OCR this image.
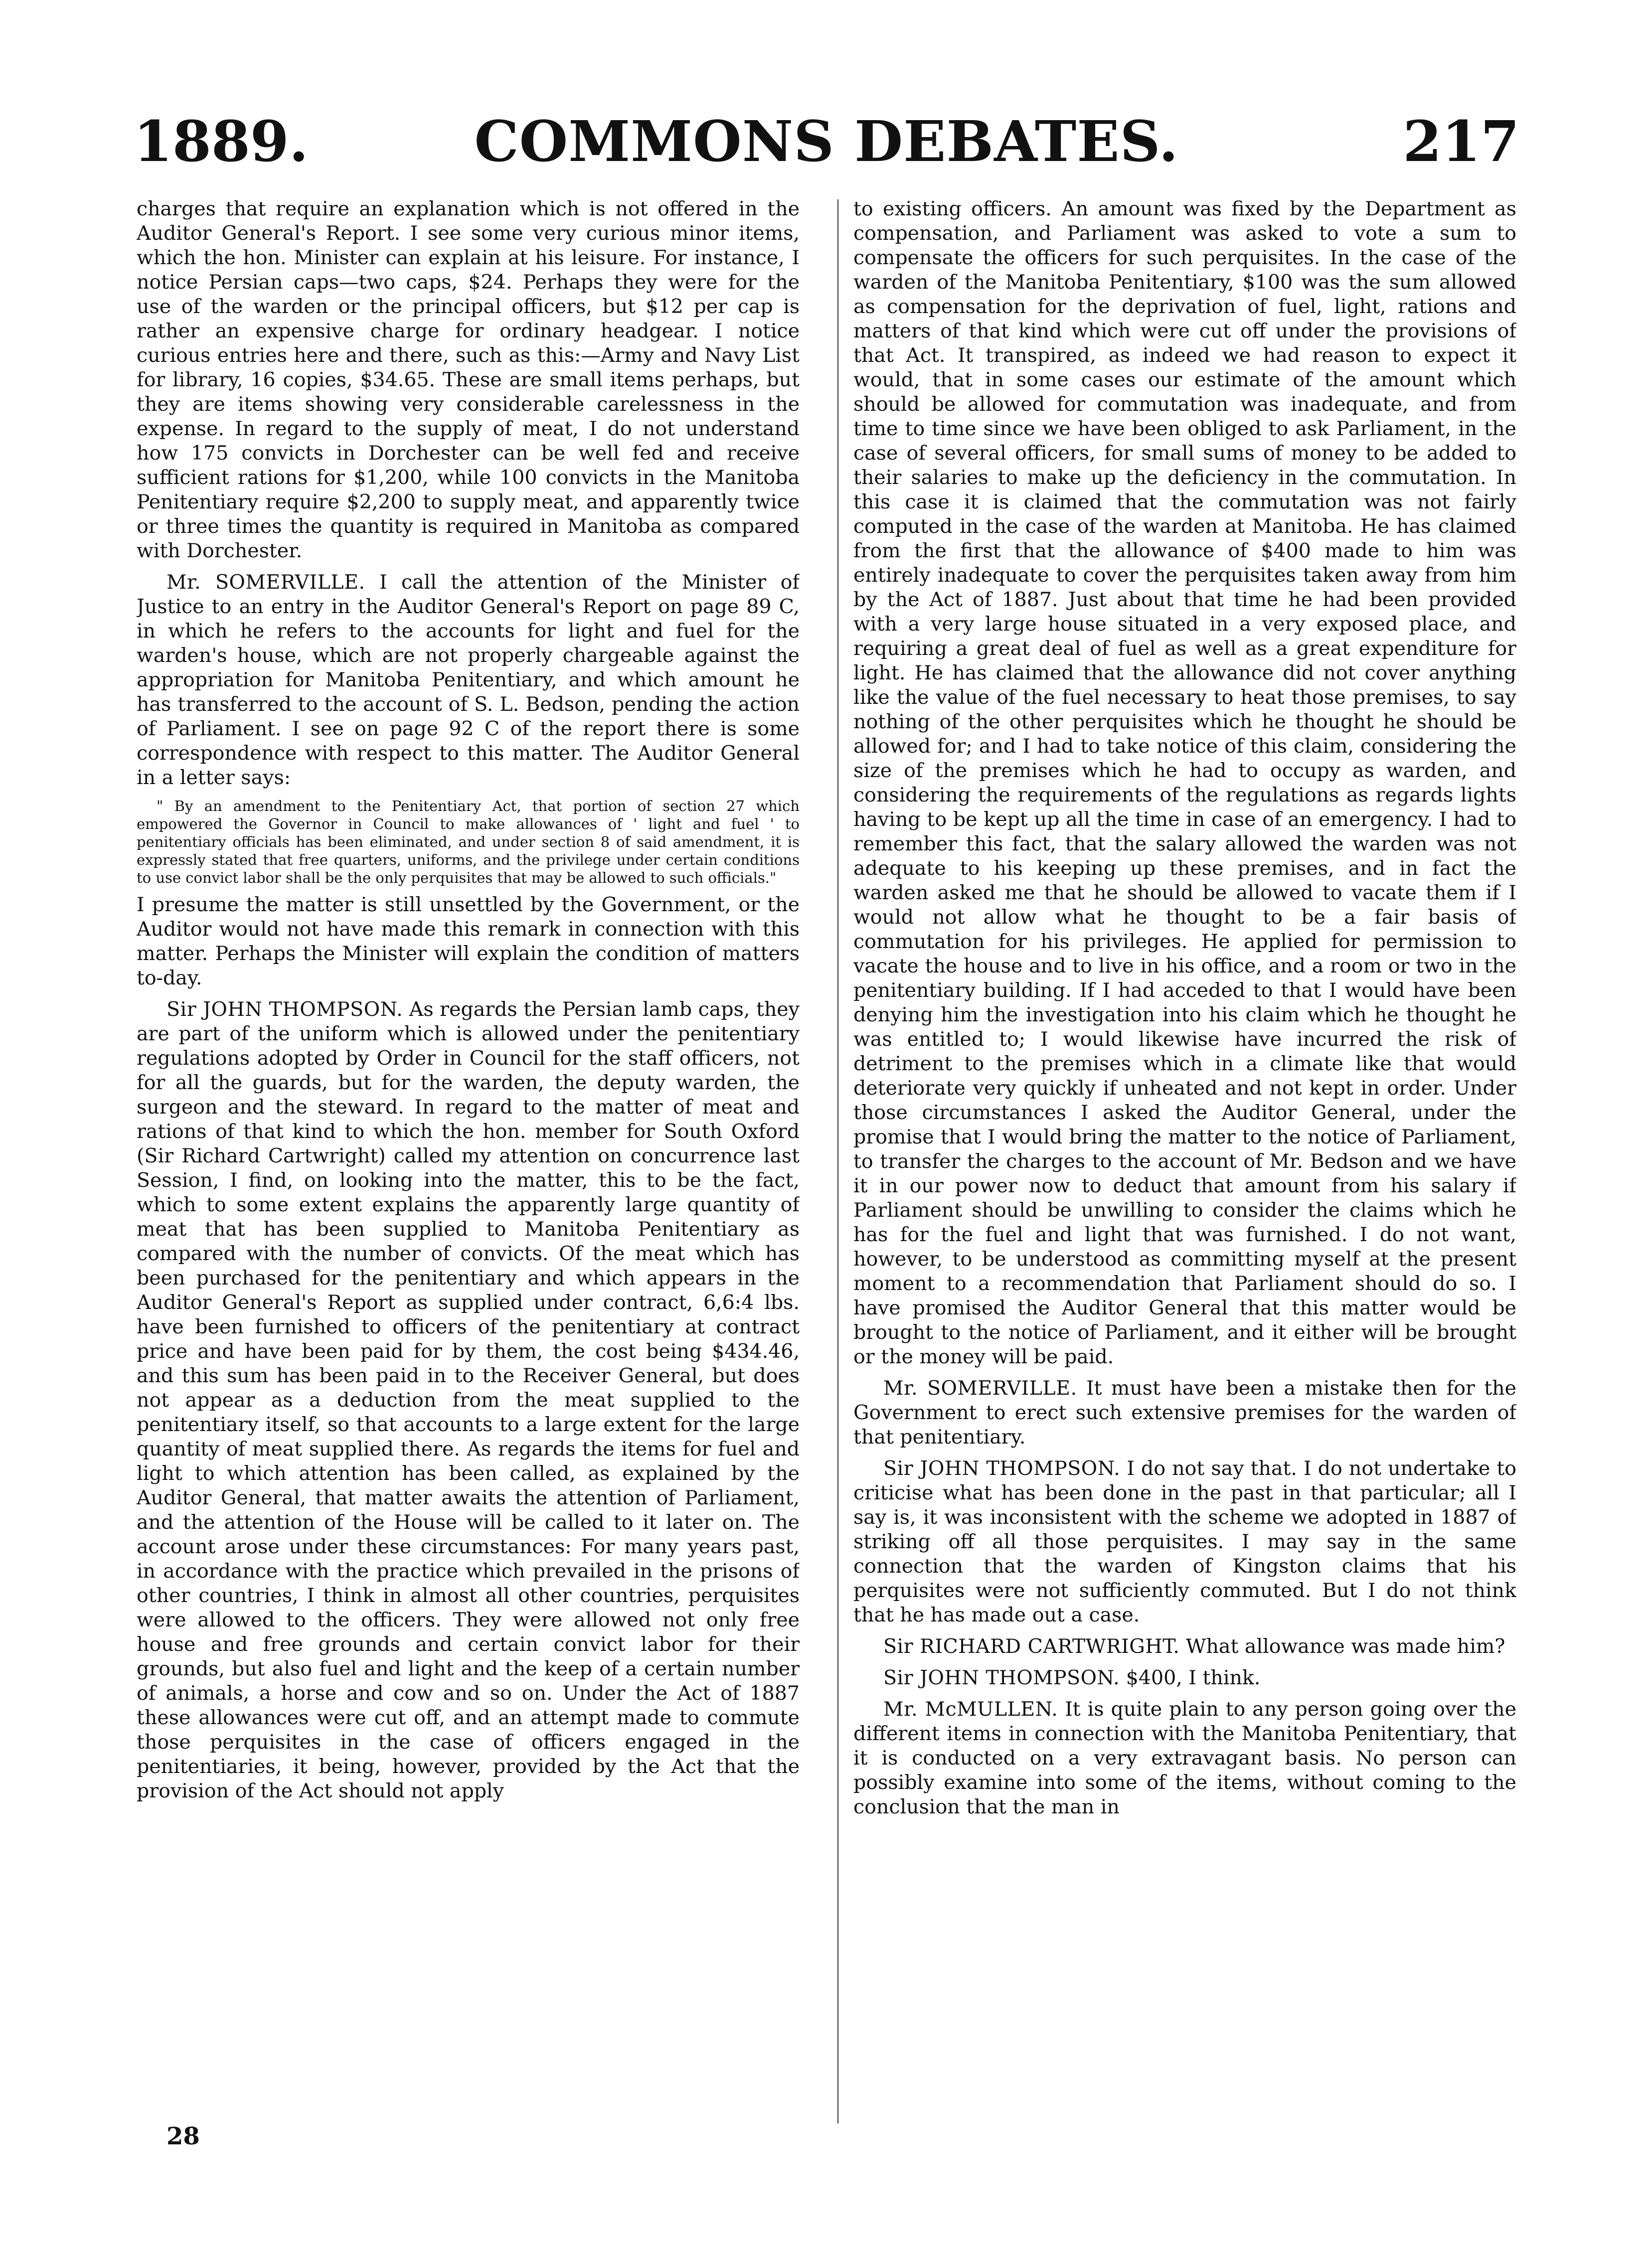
1889.	COMMONS DEBATES.	217

charges that require an explanation which is not offered in the Auditor General's Report. I see some very curious minor items, which the hon. Minister can explain at his leisure. For instance, I notice Persian caps—two caps, $24. Perhaps they were for the use of the warden or the principal officers, but $12 per cap is rather an expensive charge for ordinary headgear. I notice curious entries here and there, such as this:—Army and Navy List for library, 16 copies, $34.65. These are small items perhaps, but they are items showing very considerable carelessness in the expense. In regard to the supply of meat, I do not understand how 175 convicts in Dorchester can be well fed and receive sufficient rations for $1,200, while 100 convicts in the Manitoba Penitentiary require $2,200 to supply meat, and apparently twice or three times the quantity is required in Manitoba as compared with Dorchester.

Mr. SOMERVILLE. I call the attention of the Minister of Justice to an entry in the Auditor General's Report on page 89 C, in which he refers to the accounts for light and fuel for the warden's house, which are not properly chargeable against the appropriation for Manitoba Penitentiary, and which amount he has transferred to the account of S. L. Bedson, pending the action of Parliament. I see on page 92 C of the report there is some correspondence with respect to this matter. The Auditor General in a letter says:

" By an amendment to the Penitentiary Act, that portion of section 27 which empowered the Governor in Council to make allowances of ' light and fuel ' to penitentiary officials has been eliminated, and under section 8 of said amendment, it is expressly stated that free quarters, uniforms, and the privilege under certain conditions to use convict labor shall be the only perquisites that may be allowed to such officials."

I presume the matter is still unsettled by the Government, or the Auditor would not have made this remark in connection with this matter. Perhaps the Minister will explain the condition of matters to-day.

Sir JOHN THOMPSON. As regards the Persian lamb caps, they are part of the uniform which is allowed under the penitentiary regulations adopted by Order in Council for the staff officers, not for all the guards, but for the warden, the deputy warden, the surgeon and the steward. In regard to the matter of meat and rations of that kind to which the hon. member for South Oxford (Sir Richard Cartwright) called my attention on concurrence last Session, I find, on looking into the matter, this to be the fact, which to some extent explains the apparently large quantity of meat that has been supplied to Manitoba Penitentiary as compared with the number of convicts. Of the meat which has been purchased for the penitentiary and which appears in the Auditor General's Report as supplied under contract, 6,6:4 lbs. have been furnished to officers of the penitentiary at contract price and have been paid for by them, the cost being $434.46, and this sum has been paid in to the Receiver General, but does not appear as a deduction from the meat supplied to the penitentiary itself, so that accounts to a large extent for the large quantity of meat supplied there. As regards the items for fuel and light to which attention has been called, as explained by the Auditor General, that matter awaits the attention of Parliament, and the attention of the House will be called to it later on. The account arose under these circumstances: For many years past, in accordance with the practice which prevailed in the prisons of other countries, I think in almost all other countries, perquisites were allowed to the officers. They were allowed not only free house and free grounds and certain convict labor for their grounds, but also fuel and light and the keep of a certain number of animals, a horse and cow and so on. Under the Act of 1887 these allowances were cut off, and an attempt made to commute those perquisites in the case of officers engaged in the penitentiaries, it being, however, provided by the Act that the provision of the Act should not apply

to existing officers. An amount was fixed by the Department as compensation, and Parliament was asked to vote a sum to compensate the officers for such perquisites. In the case of the warden of the Manitoba Penitentiary, $100 was the sum allowed as compensation for the deprivation of fuel, light, rations and matters of that kind which were cut off under the provisions of that Act. It transpired, as indeed we had reason to expect it would, that in some cases our estimate of the amount which should be allowed for commutation was inadequate, and from time to time since we have been obliged to ask Parliament, in the case of several officers, for small sums of money to be added to their salaries to make up the deficiency in the commutation. In this case it is claimed that the commutation was not fairly computed in the case of the warden at Manitoba. He has claimed from the first that the allowance of $400 made to him was entirely inadequate to cover the perquisites taken away from him by the Act of 1887. Just about that time he had been provided with a very large house situated in a very exposed place, and requiring a great deal of fuel as well as a great expenditure for light. He has claimed that the allowance did not cover anything like the value of the fuel necessary to heat those premises, to say nothing of the other perquisites which he thought he should be allowed for; and I had to take notice of this claim, considering the size of the premises which he had to occupy as warden, and considering the requirements of the regulations as regards lights having to be kept up all the time in case of an emergency. I had to remember this fact, that the salary allowed the warden was not adequate to his keeping up these premises, and in fact the warden asked me that he should be allowed to vacate them if I would not allow what he thought to be a fair basis of commutation for his privileges. He applied for permission to vacate the house and to live in his office, and a room or two in the penitentiary building. If I had acceded to that I would have been denying him the investigation into his claim which he thought he was entitled to; I would likewise have incurred the risk of detriment to the premises which in a climate like that would deteriorate very quickly if unheated and not kept in order. Under those circumstances I asked the Auditor General, under the promise that I would bring the matter to the notice of Parliament, to transfer the charges to the account of Mr. Bedson and we have it in our power now to deduct that amount from his salary if Parliament should be unwilling to consider the claims which he has for the fuel and light that was furnished. I do not want, however, to be understood as committing myself at the present moment to a recommendation that Parliament should do so. I have promised the Auditor General that this matter would be brought to the notice of Parliament, and it either will be brought or the money will be paid.

Mr. SOMERVILLE. It must have been a mistake then for the Government to erect such extensive premises for the warden of that penitentiary.

Sir JOHN THOMPSON. I do not say that. I do not undertake to criticise what has been done in the past in that particular; all I say is, it was inconsistent with the scheme we adopted in 1887 of striking off all those perquisites. I may say in the same connection that the warden of Kingston claims that his perquisites were not sufficiently commuted. But I do not think that he has made out a case.

Sir RICHARD CARTWRIGHT. What allowance was made him?

Sir JOHN THOMPSON. $400, I think.

Mr. McMULLEN. It is quite plain to any person going over the different items in connection with the Manitoba Penitentiary, that it is conducted on a very extravagant basis. No person can possibly examine into some of the items, without coming to the conclusion that the man in

28
